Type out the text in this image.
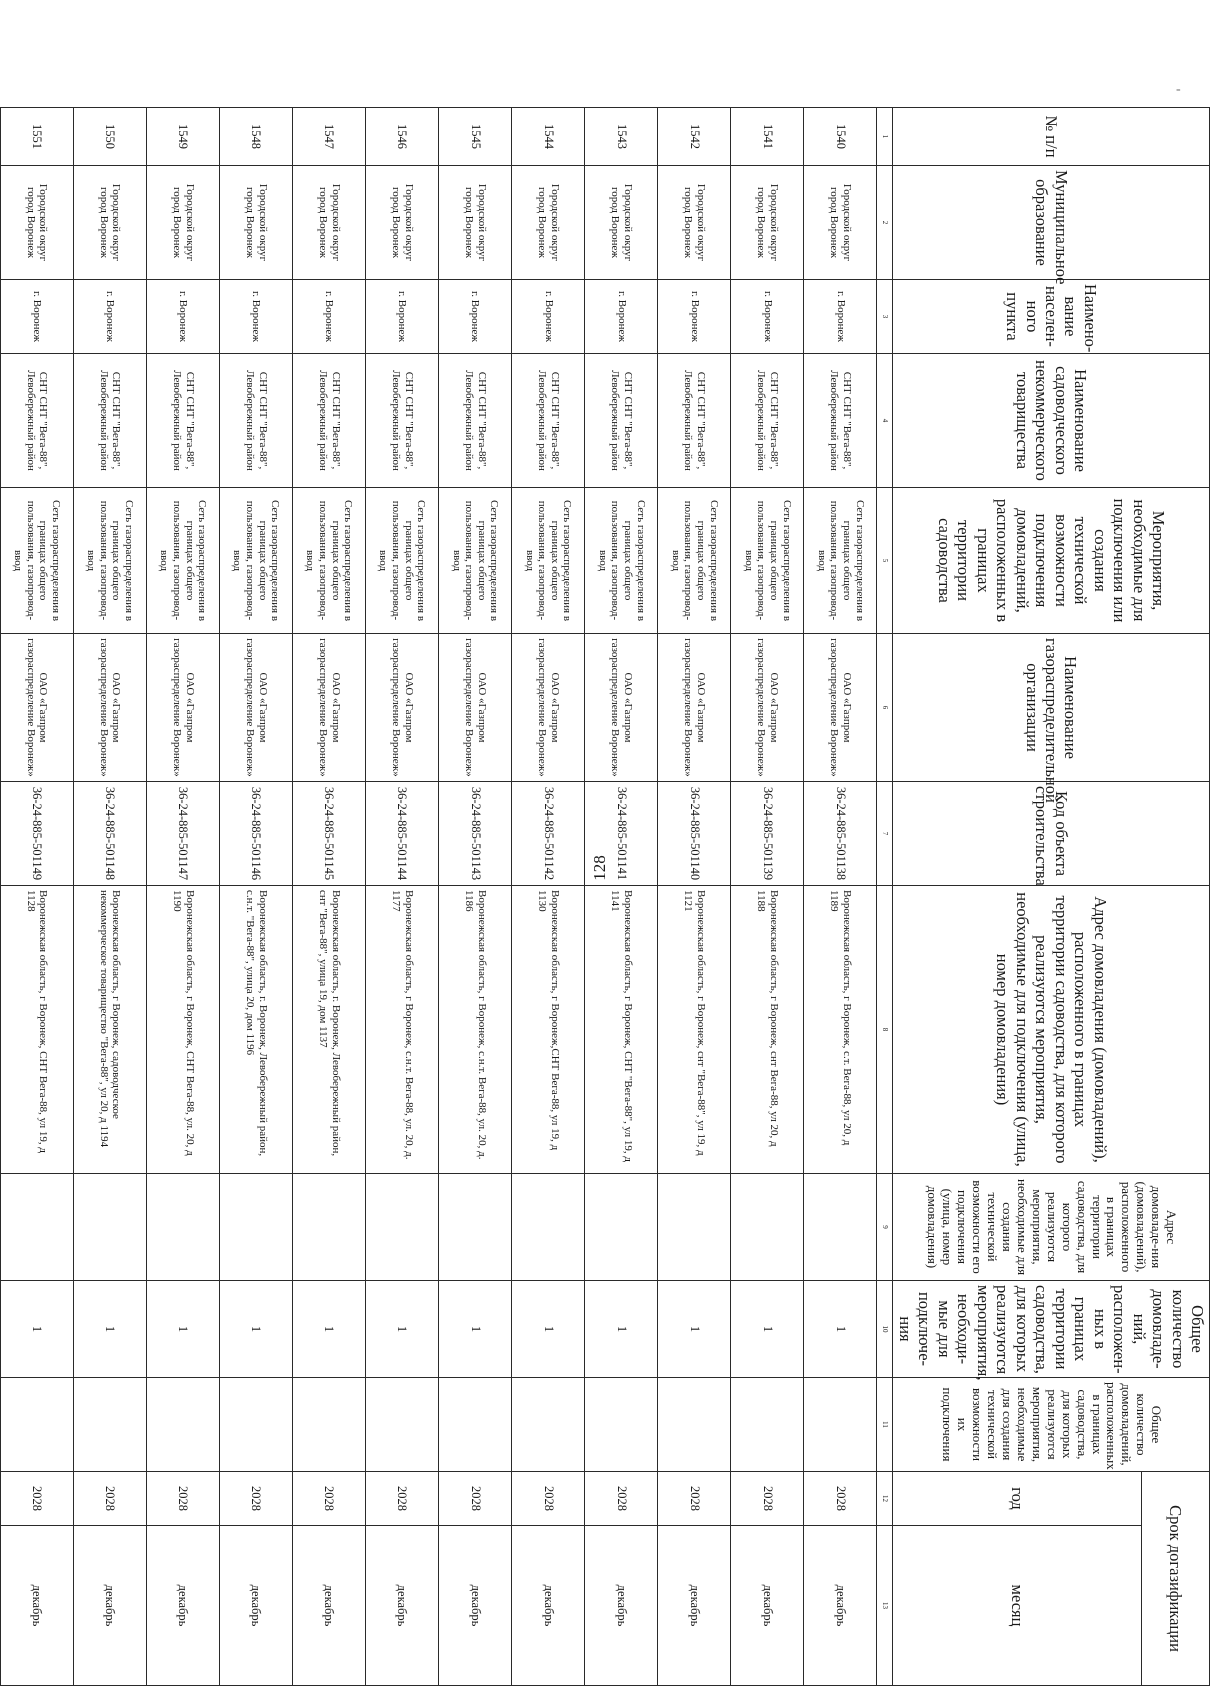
128
№ п/п	Муниципальное образование	Наимено-вание населен-ного пункта	Наименование садоводческого некоммерческого товарищества	Мероприятия, необходимые для подключения или создания технической возможности подключения домовладений, расположенных в границах территории садоводства	Наименование газораспределительной организации	Код объекта строительства	Адрес домовладения (домовладений), расположенного в границах территории садоводства, для которого реализуются мероприятия, необходимые для подключения (улица, номер домовладения)	Адрес домовладе-ния (домовладений), расположенного в границах территории садоводства, для которого реализуются мероприятия, необходимые для создания технической возможности его подключения (улица, номер домовладения)	Общее количество домовладе-ний, расположен-ных в границах территории садоводства, для которых реализуются мероприятия, необходи-мые для подключе-ния	Общее количество домовладений, расположенных в границах садоводства, для которых реализуются мероприятия, необходимые для создания технической возможности их подключения	Срок догазификации	
											год	месяц
1	2	3	4	5	6	7	8	9	10	11	12	13
1540	Городской округ город Воронеж	г. Воронеж	СНТ СНТ "Вега-88", Левобережный район	Сеть газораспределения в границах общего пользования, газопровод-ввод	ОАО «Газпром газораспределение Воронеж»	36-24-885-501138	Воронежская область, г Воронеж, с.т. Вега-88, ул 20, д 1189		1		2028	декабрь
1541	Городской округ город Воронеж	г. Воронеж	СНТ СНТ "Вега-88", Левобережный район	Сеть газораспределения в границах общего пользования, газопровод-ввод	ОАО «Газпром газораспределение Воронеж»	36-24-885-501139	Воронежская область, г Воронеж, снт Вега-88, ул 20, д 1188		1		2028	декабрь
1542	Городской округ город Воронеж	г. Воронеж	СНТ СНТ "Вега-88", Левобережный район	Сеть газораспределения в границах общего пользования, газопровод-ввод	ОАО «Газпром газораспределение Воронеж»	36-24-885-501140	Воронежская область, г Воронеж, снт "Вега-88", ул 19, д 1121		1		2028	декабрь
1543	Городской округ город Воронеж	г. Воронеж	СНТ СНТ "Вега-88", Левобережный район	Сеть газораспределения в границах общего пользования, газопровод-ввод	ОАО «Газпром газораспределение Воронеж»	36-24-885-501141	Воронежская область, г Воронеж, СНТ "Вега-88", ул 19, д 1141		1		2028	декабрь
1544	Городской округ город Воронеж	г. Воронеж	СНТ СНТ "Вега-88", Левобережный район	Сеть газораспределения в границах общего пользования, газопровод-ввод	ОАО «Газпром газораспределение Воронеж»	36-24-885-501142	Воронежская область, г Воронеж,СНТ Вега-88, ул 19, д 1130		1		2028	декабрь
1545	Городской округ город Воронеж	г. Воронеж	СНТ СНТ "Вега-88", Левобережный район	Сеть газораспределения в границах общего пользования, газопровод-ввод	ОАО «Газпром газораспределение Воронеж»	36-24-885-501143	Воронежская область, г Воронеж, с.н.т. Вега-88, ул. 20, д. 1186		1		2028	декабрь
1546	Городской округ город Воронеж	г. Воронеж	СНТ СНТ "Вега-88", Левобережный район	Сеть газораспределения в границах общего пользования, газопровод-ввод	ОАО «Газпром газораспределение Воронеж»	36-24-885-501144	Воронежская область, г Воронеж, с.н.т. Вега-88, ул. 20, д. 1177		1		2028	декабрь
1547	Городской округ город Воронеж	г. Воронеж	СНТ СНТ "Вега-88", Левобережный район	Сеть газораспределения в границах общего пользования, газопровод-ввод	ОАО «Газпром газораспределение Воронеж»	36-24-885-501145	Воронежская область, г. Воронеж, Левобережный район, снт "Вега-88", улица 19, дом 1137		1		2028	декабрь
1548	Городской округ город Воронеж	г. Воронеж	СНТ СНТ "Вега-88", Левобережный район	Сеть газораспределения в границах общего пользования, газопровод-ввод	ОАО «Газпром газораспределение Воронеж»	36-24-885-501146	Воронежская область, г. Воронеж, Левобережный район, с.н.т. "Вега-88", улица 20, дом 1196		1		2028	декабрь
1549	Городской округ город Воронеж	г. Воронеж	СНТ СНТ "Вега-88", Левобережный район	Сеть газораспределения в границах общего пользования, газопровод-ввод	ОАО «Газпром газораспределение Воронеж»	36-24-885-501147	Воронежская область, г Воронеж, СНТ Вега-88, ул. 20, д 1190		1		2028	декабрь
1550	Городской округ город Воронеж	г. Воронеж	СНТ СНТ "Вега-88", Левобережный район	Сеть газораспределения в границах общего пользования, газопровод-ввод	ОАО «Газпром газораспределение Воронеж»	36-24-885-501148	Воронежская область, г Воронеж, садоводческое некоммерческое товарищество "Вега-88", ул 20, д 1194		1		2028	декабрь
1551	Городской округ город Воронеж	г. Воронеж	СНТ СНТ "Вега-88", Левобережный район	Сеть газораспределения в границах общего пользования, газопровод-ввод	ОАО «Газпром газораспределение Воронеж»	36-24-885-501149	Воронежская область, г Воронеж, СНТ Вега-88, ул 19, д 1128		1		2028	декабрь

-
